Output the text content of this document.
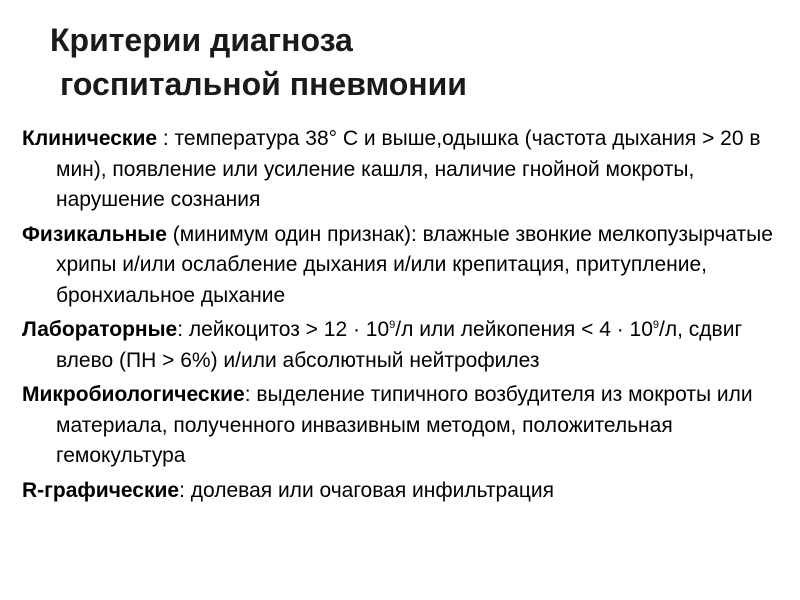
Критерии диагноза
госпитальной пневмонии

Клинические : температура 38° С и выше,одышка (частота дыхания > 20 в мин), появление или усиление кашля, наличие гнойной мокроты, нарушение сознания

Физикальные (минимум один признак): влажные звонкие мелкопузырчатые хрипы и/или ослабление дыхания и/или крепитация, притупление, бронхиальное дыхание

Лабораторные: лейкоцитоз > $12 \cdot 10^9/л$ или лейкопения < $4 \cdot 10^9/л$, сдвиг влево (ПН > 6%) и/или абсолютный нейтрофилез

Микробиологические: выделение типичного возбудителя из мокроты или материала, полученного инвазивным методом, положительная гемокультура

R-графические: долевая или очаговая инфильтрация
